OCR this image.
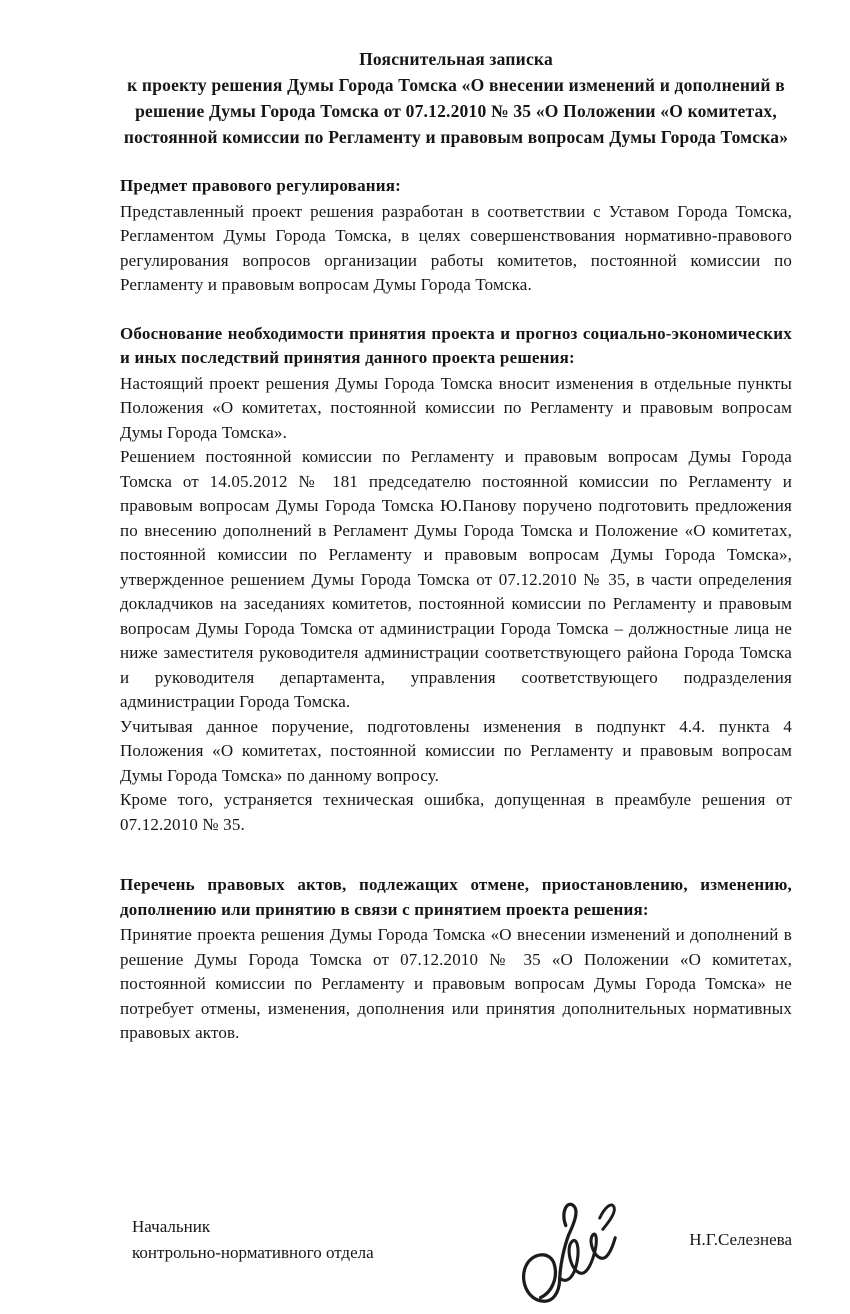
Пояснительная записка
к проекту решения Думы Города Томска «О внесении изменений и дополнений в решение Думы Города Томска от 07.12.2010 № 35 «О Положении «О комитетах, постоянной комиссии по Регламенту и правовым вопросам Думы Города Томска»

Предмет правового регулирования:

Представленный проект решения разработан в соответствии с Уставом Города Томска, Регламентом Думы Города Томска, в целях совершенствования нормативно-правового регулирования вопросов организации работы комитетов, постоянной комиссии по Регламенту и правовым вопросам Думы Города Томска.

Обоснование необходимости принятия проекта и прогноз социально-экономических и иных последствий принятия данного проекта решения:

Настоящий проект решения Думы Города Томска вносит изменения в отдельные пункты Положения «О комитетах, постоянной комиссии по Регламенту и правовым вопросам Думы Города Томска».

Решением постоянной комиссии по Регламенту и правовым вопросам Думы Города Томска от 14.05.2012 № 181 председателю постоянной комиссии по Регламенту и правовым вопросам Думы Города Томска Ю.Панову поручено подготовить предложения по внесению дополнений в Регламент Думы Города Томска и Положение «О комитетах, постоянной комиссии по Регламенту и правовым вопросам Думы Города Томска», утвержденное решением Думы Города Томска от 07.12.2010 № 35, в части определения докладчиков на заседаниях комитетов, постоянной комиссии по Регламенту и правовым вопросам Думы Города Томска от администрации Города Томска – должностные лица не ниже заместителя руководителя администрации соответствующего района Города Томска и руководителя департамента, управления соответствующего подразделения администрации Города Томска.

Учитывая данное поручение, подготовлены изменения в подпункт 4.4. пункта 4 Положения «О комитетах, постоянной комиссии по Регламенту и правовым вопросам Думы Города Томска» по данному вопросу.

Кроме того, устраняется техническая ошибка, допущенная в преамбуле решения от 07.12.2010 № 35.

Перечень правовых актов, подлежащих отмене, приостановлению, изменению, дополнению или принятию в связи с принятием проекта решения:

Принятие проекта решения Думы Города Томска «О внесении изменений и дополнений в решение Думы Города Томска от 07.12.2010 № 35 «О Положении «О комитетах, постоянной комиссии по Регламенту и правовым вопросам Думы Города Томска» не потребует отмены, изменения, дополнения или принятия дополнительных нормативных правовых актов.

Начальник
контрольно-нормативного отдела
Н.Г.Селезнева
